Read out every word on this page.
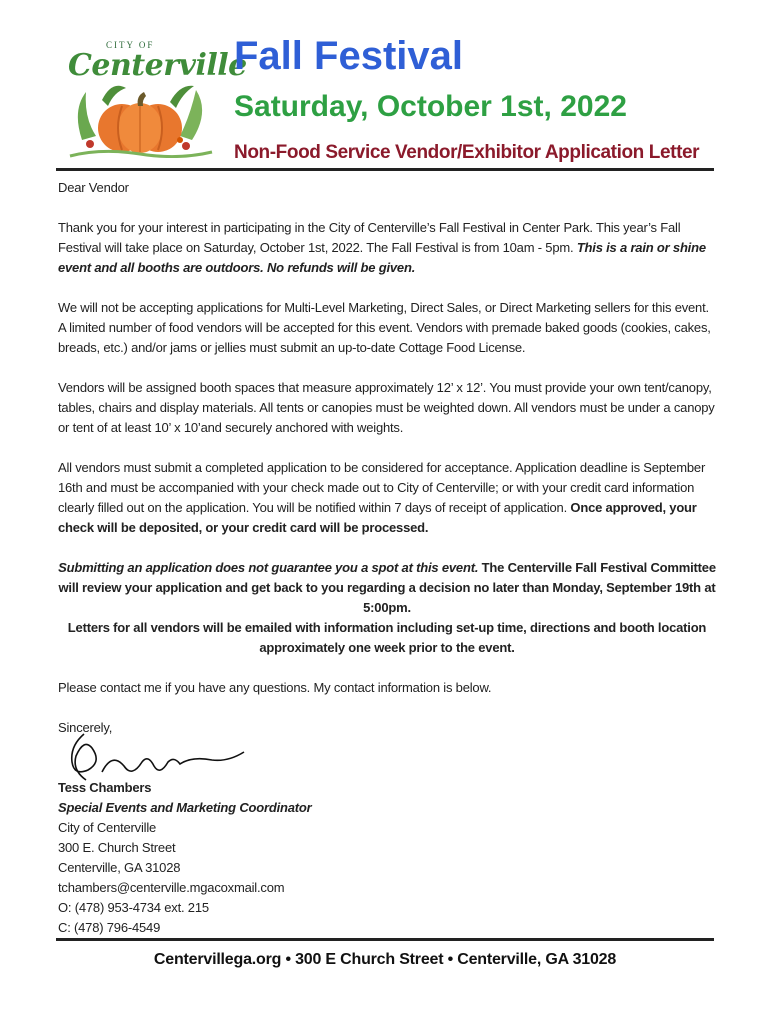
CITY OF
Centerville
Fall Festival
Saturday, October 1st, 2022
Non-Food Service Vendor/Exhibitor Application Letter
Dear Vendor
Thank you for your interest in participating in the City of Centerville’s Fall Festival in Center Park. This year’s Fall Festival will take place on Saturday, October 1st, 2022. The Fall Festival is from 10am - 5pm. This is a rain or shine event and all booths are outdoors. No refunds will be given.
We will not be accepting applications for Multi-Level Marketing, Direct Sales, or Direct Marketing sellers for this event. A limited number of food vendors will be accepted for this event. Vendors with premade baked goods (cookies, cakes, breads, etc.) and/or jams or jellies must submit an up-to-date Cottage Food License.
Vendors will be assigned booth spaces that measure approximately 12’ x 12’. You must provide your own tent/canopy, tables, chairs and display materials. All tents or canopies must be weighted down. All vendors must be under a canopy or tent of at least 10’ x 10’and securely anchored with weights.
All vendors must submit a completed application to be considered for acceptance. Application deadline is September 16th and must be accompanied with your check made out to City of Centerville; or with your credit card information clearly filled out on the application. You will be notified within 7 days of receipt of application. Once approved, your check will be deposited, or your credit card will be processed.
Submitting an application does not guarantee you a spot at this event. The Centerville Fall Festival Committee will review your application and get back to you regarding a decision no later than Monday, September 19th at 5:00pm.
Letters for all vendors will be emailed with information including set-up time, directions and booth location approximately one week prior to the event.
Please contact me if you have any questions. My contact information is below.
Sincerely,
Tess Chambers
Special Events and Marketing Coordinator
City of Centerville
300 E. Church Street
Centerville, GA 31028
tchambers@centerville.mgacoxmail.com
O: (478) 953-4734 ext. 215
C: (478) 796-4549
Centervillega.org • 300 E Church Street • Centerville, GA 31028
